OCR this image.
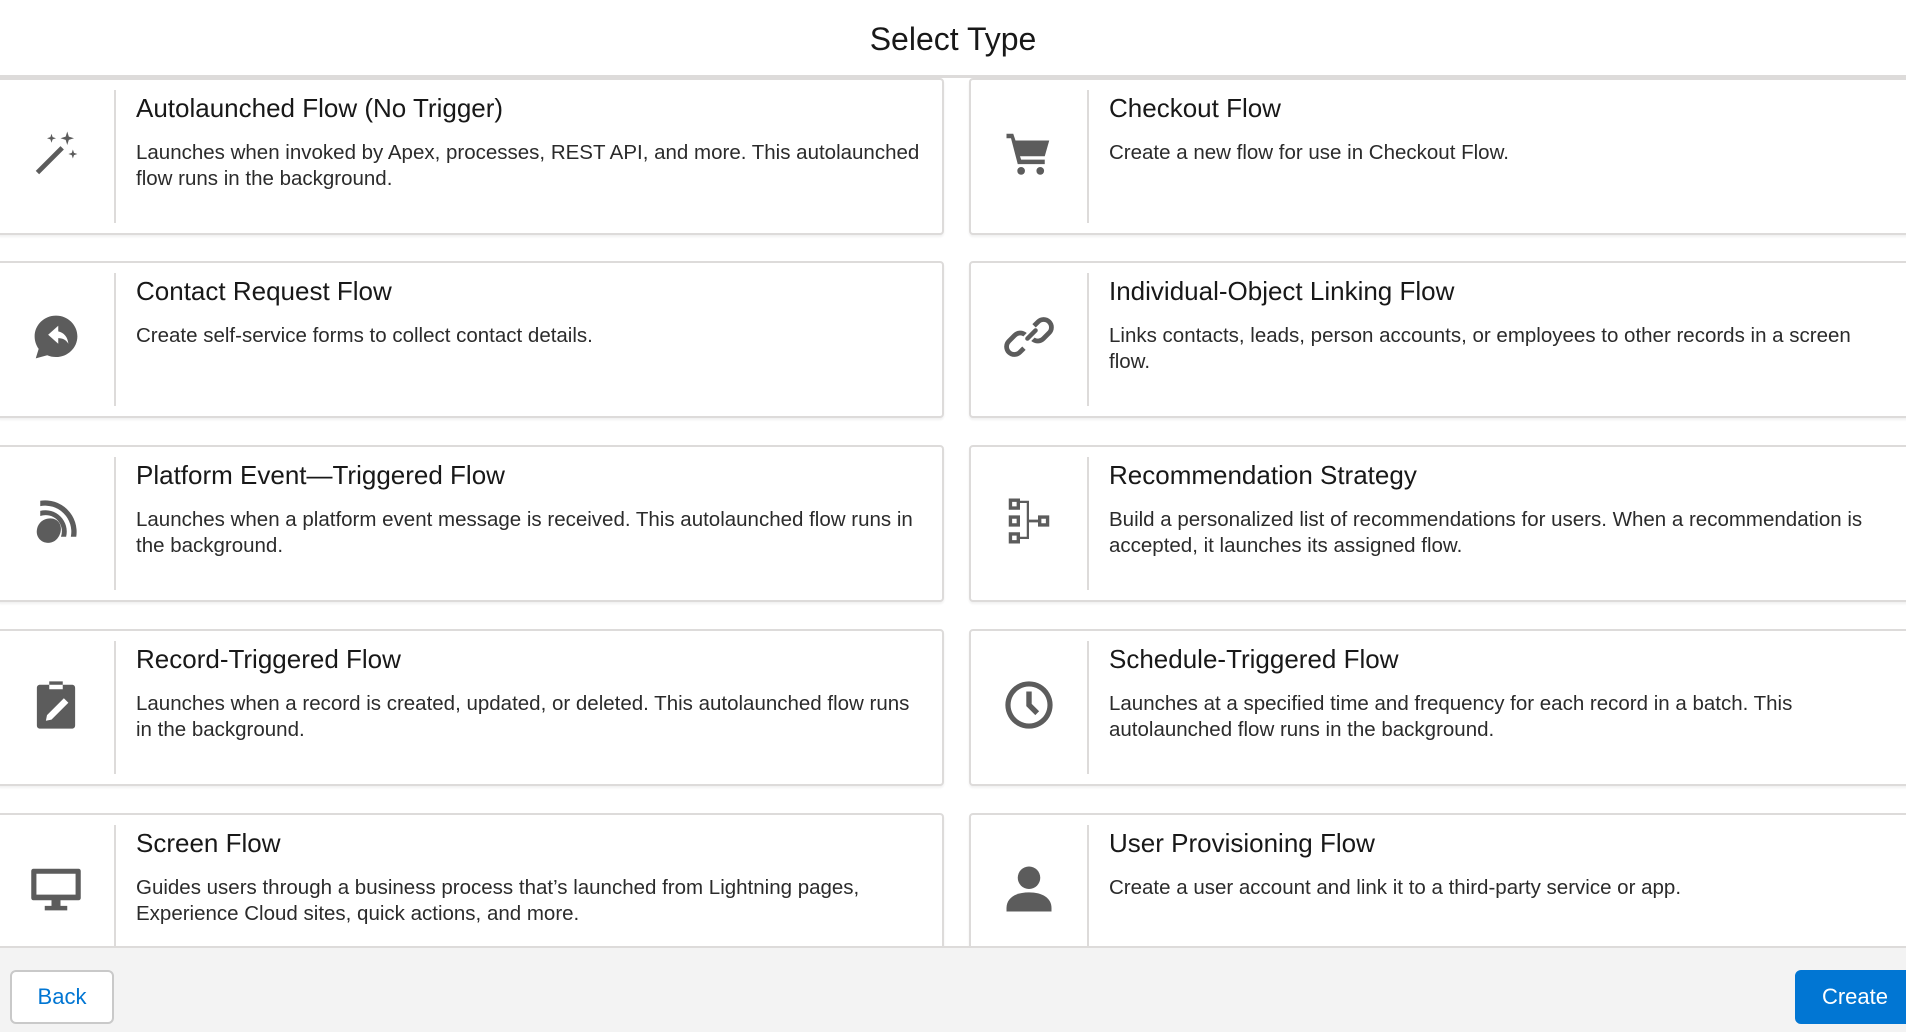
Select Type
Autolaunched Flow (No Trigger)
Launches when invoked by Apex, processes, REST API, and more. This autolaunched flow runs in the background.
Checkout Flow
Create a new flow for use in Checkout Flow.
Contact Request Flow
Create self-service forms to collect contact details.
Individual-Object Linking Flow
Links contacts, leads, person accounts, or employees to other records in a screen flow.
Platform Event—Triggered Flow
Launches when a platform event message is received. This autolaunched flow runs in the background.
Recommendation Strategy
Build a personalized list of recommendations for users. When a recommendation is accepted, it launches its assigned flow.
Record-Triggered Flow
Launches when a record is created, updated, or deleted. This autolaunched flow runs in the background.
Schedule-Triggered Flow
Launches at a specified time and frequency for each record in a batch. This autolaunched flow runs in the background.
Screen Flow
Guides users through a business process that’s launched from Lightning pages, Experience Cloud sites, quick actions, and more.
User Provisioning Flow
Create a user account and link it to a third-party service or app.
Back	Create
